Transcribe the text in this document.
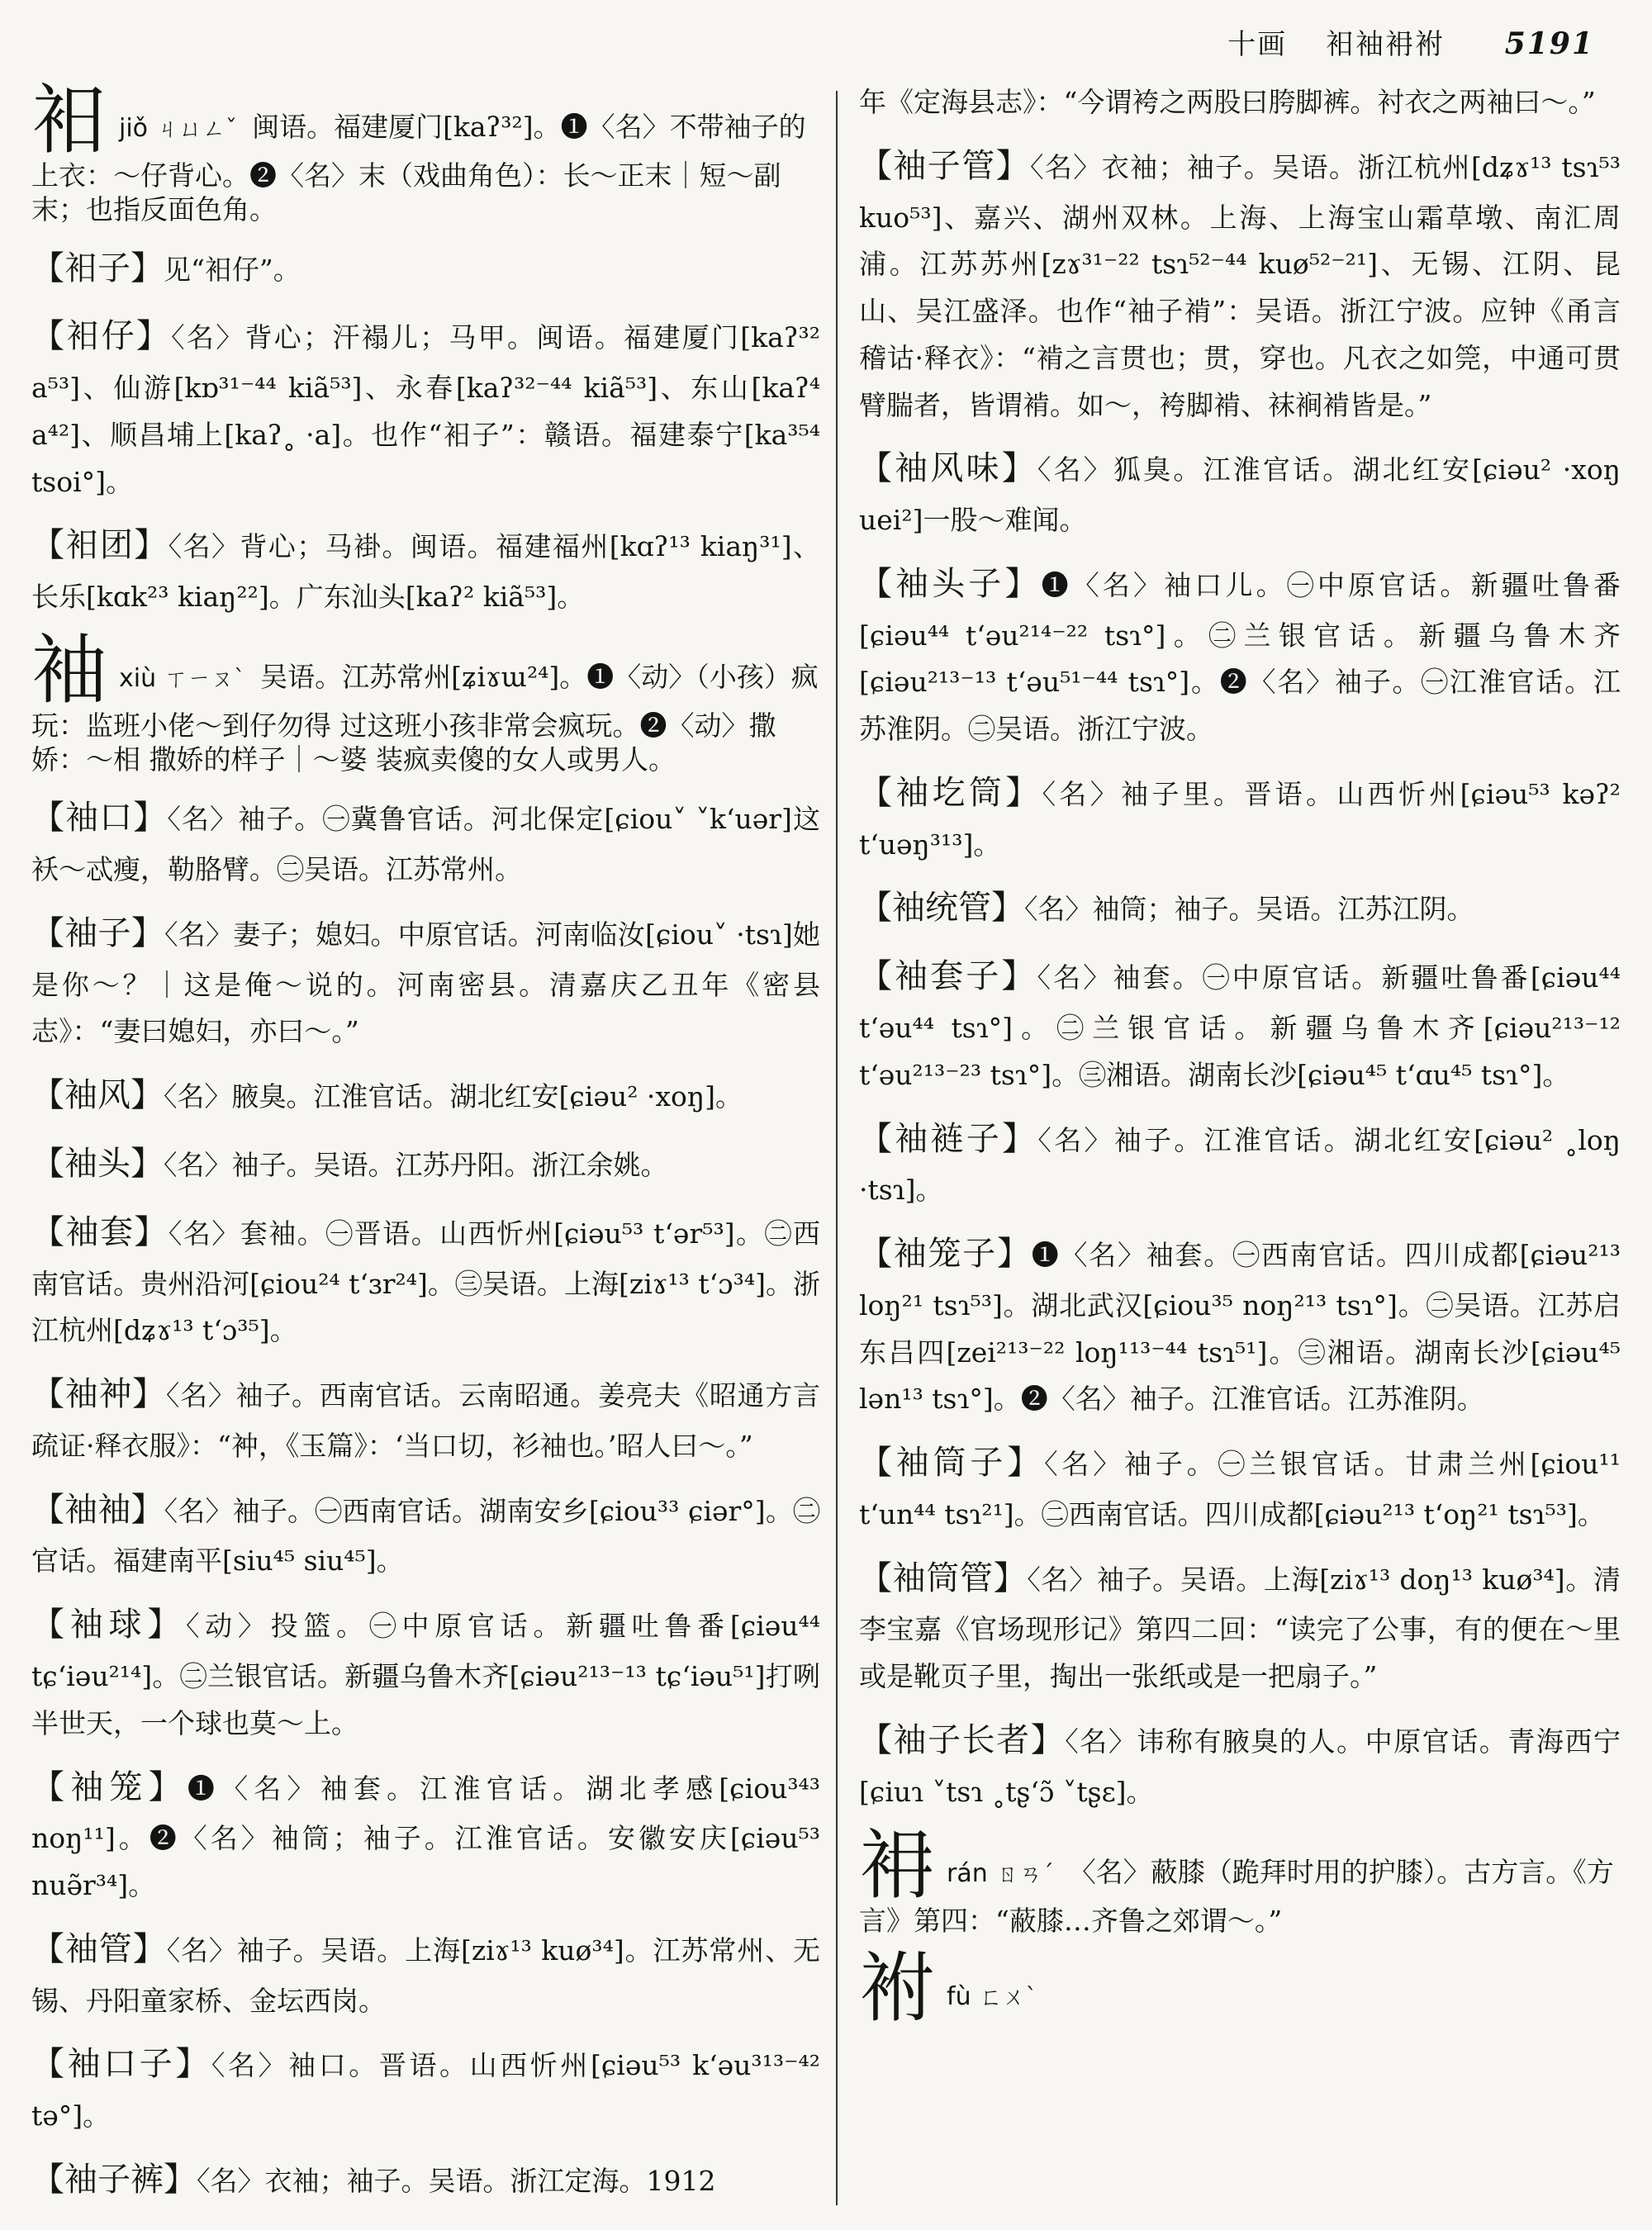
十画 衵袖衻袝 5191
衵jiǒ ㄐㄩㄥˇ 闽语。福建厦门[kaʔ³²]。❶〈名〉不带袖子的上衣：～仔背心。❷〈名〉末（戏曲角色）：长～正末｜短～副末；也指反面色角。
【衵子】见“衵仔”。
【衵仔】〈名〉背心；汗褟儿；马甲。闽语。福建厦门[kaʔ³² a⁵³]、仙游[kɒ³¹⁻⁴⁴ kiã⁵³]、永春[kaʔ³²⁻⁴⁴ kiã⁵³]、东山[kaʔ⁴ a⁴²]、顺昌埔上[kaʔ˳ ·a]。也作“衵子”：赣语。福建泰宁[ka³⁵⁴ tsoi°]。
【衵团】〈名〉背心；马褂。闽语。福建福州[kɑʔ¹³ kiaŋ³¹]、长乐[kɑk²³ kiaŋ²²]。广东汕头[kaʔ² kiã⁵³]。
袖xiù ㄒㄧㄡˋ 吴语。江苏常州[ʑiɤɯ²⁴]。❶〈动〉（小孩）疯玩：监班小佬～到仔勿得 过这班小孩非常会疯玩。❷〈动〉撒娇：～相 撒娇的样子｜～婆 装疯卖傻的女人或男人。
【袖口】〈名〉袖子。㊀冀鲁官话。河北保定[ɕiou˅ ˅k‘uər]这袄～忒瘦，勒胳臂。㊁吴语。江苏常州。
【袖子】〈名〉妻子；媳妇。中原官话。河南临汝[ɕiou˅ ·tsɿ]她是你～？｜这是俺～说的。河南密县。清嘉庆乙丑年《密县志》：“妻曰媳妇，亦曰～。”
【袖风】〈名〉腋臭。江淮官话。湖北红安[ɕiəu² ·xoŋ]。
【袖头】〈名〉袖子。吴语。江苏丹阳。浙江余姚。
【袖套】〈名〉套袖。㊀晋语。山西忻州[ɕiəu⁵³ t‘ər⁵³]。㊁西南官话。贵州沿河[ɕiou²⁴ t‘ɜr²⁴]。㊂吴语。上海[ziɤ¹³ t‘ɔ³⁴]。浙江杭州[dʑɤ¹³ t‘ɔ³⁵]。
【袖衶】〈名〉袖子。西南官话。云南昭通。姜亮夫《昭通方言疏证·释衣服》：“衶，《玉篇》：‘当口切，衫袖也。’昭人曰～。”
【袖袖】〈名〉袖子。㊀西南官话。湖南安乡[ɕiou³³ ɕiər°]。㊁官话。福建南平[siu⁴⁵ siu⁴⁵]。
【袖球】〈动〉投篮。㊀中原官话。新疆吐鲁番[ɕiəu⁴⁴ tɕ‘iəu²¹⁴]。㊁兰银官话。新疆乌鲁木齐[ɕiəu²¹³⁻¹³ tɕ‘iəu⁵¹]打咧半世天，一个球也莫～上。
【袖笼】❶〈名〉袖套。江淮官话。湖北孝感[ɕiou³⁴³ noŋ¹¹]。❷〈名〉袖筒；袖子。江淮官话。安徽安庆[ɕiəu⁵³ nuə̃r³⁴]。
【袖管】〈名〉袖子。吴语。上海[ziɤ¹³ kuø³⁴]。江苏常州、无锡、丹阳童家桥、金坛西岗。
【袖口子】〈名〉袖口。晋语。山西忻州[ɕiəu⁵³ k‘əu³¹³⁻⁴² tə°]。
【袖子裤】〈名〉衣袖；袖子。吴语。浙江定海。1912
年《定海县志》：“今谓袴之两股曰胯脚裤。衬衣之两袖曰～。”
【袖子管】〈名〉衣袖；袖子。吴语。浙江杭州[dʑɤ¹³ tsɿ⁵³ kuo⁵³]、嘉兴、湖州双林。上海、上海宝山霜草墩、南汇周浦。江苏苏州[zɤ³¹⁻²² tsɿ⁵²⁻⁴⁴ kuø⁵²⁻²¹]、无锡、江阴、昆山、吴江盛泽。也作“袖子褃”：吴语。浙江宁波。应钟《甬言稽诂·释衣》：“褃之言贯也；贯，穿也。凡衣之如筦，中通可贯臂腨者，皆谓褃。如～，袴脚褃、袜裥褃皆是。”
【袖风味】〈名〉狐臭。江淮官话。湖北红安[ɕiəu² ·xoŋ uei²]一股～难闻。
【袖头子】❶〈名〉袖口儿。㊀中原官话。新疆吐鲁番[ɕiəu⁴⁴ t‘əu²¹⁴⁻²² tsɿ°]。㊁兰银官话。新疆乌鲁木齐[ɕiəu²¹³⁻¹³ t‘əu⁵¹⁻⁴⁴ tsɿ°]。❷〈名〉袖子。㊀江淮官话。江苏淮阴。㊁吴语。浙江宁波。
【袖圪筒】〈名〉袖子里。晋语。山西忻州[ɕiəu⁵³ kəʔ² t‘uəŋ³¹³]。
【袖统管】〈名〉袖筒；袖子。吴语。江苏江阴。
【袖套子】〈名〉袖套。㊀中原官话。新疆吐鲁番[ɕiəu⁴⁴ t‘əu⁴⁴ tsɿ°]。㊁兰银官话。新疆乌鲁木齐[ɕiəu²¹³⁻¹² t‘əu²¹³⁻²³ tsɿ°]。㊂湘语。湖南长沙[ɕiəu⁴⁵ t‘ɑu⁴⁵ tsɿ°]。
【袖裢子】〈名〉袖子。江淮官话。湖北红安[ɕiəu² ˳loŋ ·tsɿ]。
【袖笼子】❶〈名〉袖套。㊀西南官话。四川成都[ɕiəu²¹³ loŋ²¹ tsɿ⁵³]。湖北武汉[ɕiou³⁵ noŋ²¹³ tsɿ°]。㊁吴语。江苏启东吕四[zei²¹³⁻²² loŋ¹¹³⁻⁴⁴ tsɿ⁵¹]。㊂湘语。湖南长沙[ɕiəu⁴⁵ lən¹³ tsɿ°]。❷〈名〉袖子。江淮官话。江苏淮阴。
【袖筒子】〈名〉袖子。㊀兰银官话。甘肃兰州[ɕiou¹¹ t‘un⁴⁴ tsɿ²¹]。㊁西南官话。四川成都[ɕiəu²¹³ t‘oŋ²¹ tsɿ⁵³]。
【袖筒管】〈名〉袖子。吴语。上海[ziɤ¹³ doŋ¹³ kuø³⁴]。清李宝嘉《官场现形记》第四二回：“读完了公事，有的便在～里或是靴页子里，掏出一张纸或是一把扇子。”
【袖子长者】〈名〉讳称有腋臭的人。中原官话。青海西宁[ɕiuɿ ˅tsɿ ˳tʂ‘ɔ̃ ˅tʂɛ]。
衻rán ㄖㄢˊ 〈名〉蔽膝（跪拜时用的护膝）。古方言。《方言》第四：“蔽膝…齐鲁之郊谓～。”
袝fù ㄈㄨˋ
